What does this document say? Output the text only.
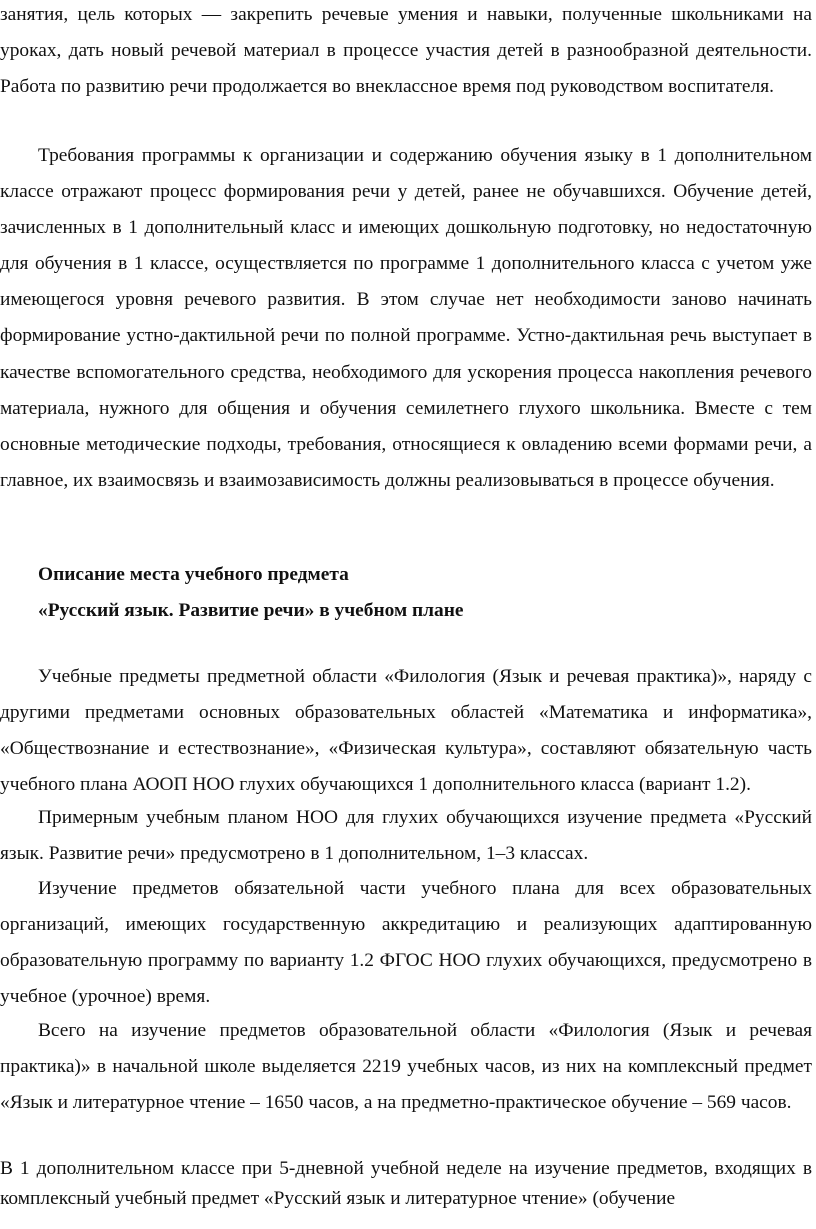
занятия, цель которых — закрепить речевые умения и навыки, полученные школьниками на уроках, дать новый речевой материал в процессе участия детей в разнообразной деятельности. Работа по развитию речи продолжается во внеклассное время под руководством воспитателя.

Требования программы к организации и содержанию обучения языку в 1 дополнительном классе отражают процесс формирования речи у детей, ранее не обучавшихся. Обучение детей, зачисленных в 1 дополнительный класс и имеющих дошкольную подготовку, но недостаточную для обучения в 1 классе, осуществляется по программе 1 дополнительного класса с учетом уже имеющегося уровня речевого развития. В этом случае нет необходимости заново начинать формирование устно-дактильной речи по полной программе. Устно-дактильная речь выступает в качестве вспомогательного средства, необходимого для ускорения процесса накопления речевого материала, нужного для общения и обучения семилетнего глухого школьника. Вместе с тем основные методические подходы, требования, относящиеся к овладению всеми формами речи, а главное, их взаимосвязь и взаимозависимость должны реализовываться в процессе обучения.

Описание места учебного предмета

«Русский язык. Развитие речи» в учебном плане

Учебные предметы предметной области «Филология (Язык и речевая практика)», наряду с другими предметами основных образовательных областей «Математика и информатика», «Обществознание и естествознание», «Физическая культура», составляют обязательную часть учебного плана АООП НОО глухих обучающихся 1 дополнительного класса (вариант 1.2).

Примерным учебным планом НОО для глухих обучающихся изучение предмета «Русский язык. Развитие речи» предусмотрено в 1 дополнительном, 1–3 классах.

Изучение предметов обязательной части учебного плана для всех образовательных организаций, имеющих государственную аккредитацию и реализующих адаптированную образовательную программу по варианту 1.2 ФГОС НОО глухих обучающихся, предусмотрено в учебное (урочное) время.

Всего на изучение предметов образовательной области «Филология (Язык и речевая практика)» в начальной школе выделяется 2219 учебных часов, из них на комплексный предмет «Язык и литературное чтение – 1650 часов, а на предметно-практическое обучение – 569 часов.

В 1 дополнительном классе при 5-дневной учебной неделе на изучение предметов, входящих в комплексный учебный предмет «Русский язык и литературное чтение» (обучение
